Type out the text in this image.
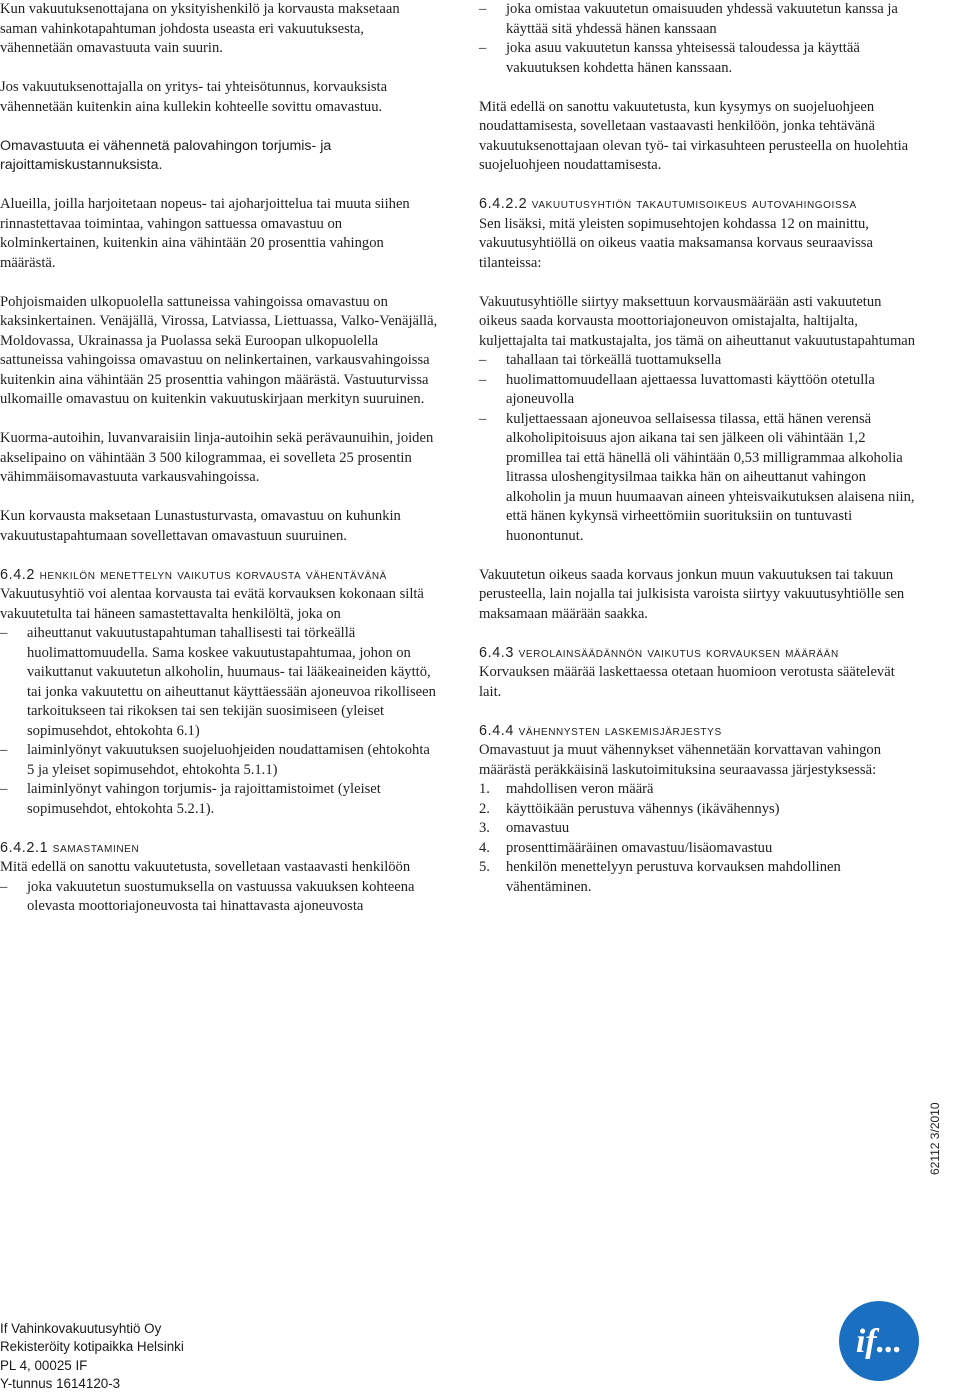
Kun vakuutuksenottajana on yksityishenkilö ja korvausta maksetaan saman vahinkotapahtuman johdosta useasta eri vakuutuksesta, vähennetään omavastuuta vain suurin.

Jos vakuutuksenottajalla on yritys- tai yhteisötunnus, korvauksista vähennetään kuitenkin aina kullekin kohteelle sovittu omavastuu.

Omavastuuta ei vähennetä palovahingon torjumis- ja rajoittamiskustannuksista.

Alueilla, joilla harjoitetaan nopeus- tai ajoharjoittelua tai muuta siihen rinnastettavaa toimintaa, vahingon sattuessa omavastuu on kolminkertainen, kuitenkin aina vähintään 20 prosenttia vahingon määrästä.

Pohjoismaiden ulkopuolella sattuneissa vahingoissa omavastuu on kaksinkertainen. Venäjällä, Virossa, Latviassa, Liettuassa, Valko-Venäjällä, Moldovassa, Ukrainassa ja Puolassa sekä Euroopan ulkopuolella sattuneissa vahingoissa omavastuu on nelinkertainen, varkausvahingoissa kuitenkin aina vähintään 25 prosenttia vahingon määrästä. Vastuuturvissa ulkomaille omavastuu on kuitenkin vakuutuskirjaan merkityn suuruinen.

Kuorma-autoihin, luvanvaraisiin linja-autoihin sekä perävaunuihin, joiden akselipaino on vähintään 3 500 kilogrammaa, ei sovelleta 25 prosentin vähimmäisomavastuuta varkausvahingoissa.

Kun korvausta maksetaan Lunastusturvasta, omavastuu on kuhunkin vakuutustapahtumaan sovellettavan omavastuun suuruinen.

6.4.2 henkilön menettelyn vaikutus korvausta vähentävänä

Vakuutusyhtiö voi alentaa korvausta tai evätä korvauksen kokonaan siltä vakuutetulta tai häneen samastettavalta henkilöltä, joka on

– aiheuttanut vakuutustapahtuman tahallisesti tai törkeällä huolimattomuudella. Sama koskee vakuutustapahtumaa, johon on vaikuttanut vakuutetun alkoholin, huumaus- tai lääkeaineiden käyttö, tai jonka vakuutettu on aiheuttanut käyttäessään ajoneuvoa rikolliseen tarkoitukseen tai rikoksen tai sen tekijän suosimiseen (yleiset sopimusehdot, ehtokohta 6.1)

– laiminlyönyt vakuutuksen suojeluohjeiden noudattamisen (ehtokohta 5 ja yleiset sopimusehdot, ehtokohta 5.1.1)

– laiminlyönyt vahingon torjumis- ja rajoittamistoimet (yleiset sopimusehdot, ehtokohta 5.2.1).

6.4.2.1 samastaminen

Mitä edellä on sanottu vakuutetusta, sovelletaan vastaavasti henkilöön

– joka vakuutetun suostumuksella on vastuussa vakuuksen kohteena olevasta moottoriajoneuvosta tai hinattavasta ajoneuvosta

– joka omistaa vakuutetun omaisuuden yhdessä vakuutetun kanssa ja käyttää sitä yhdessä hänen kanssaan

– joka asuu vakuutetun kanssa yhteisessä taloudessa ja käyttää vakuutuksen kohdetta hänen kanssaan.

Mitä edellä on sanottu vakuutetusta, kun kysymys on suojeluohjeen noudattamisesta, sovelletaan vastaavasti henkilöön, jonka tehtävänä vakuutuksenottajaan olevan työ- tai virkasuhteen perusteella on huolehtia suojeluohjeen noudattamisesta.

6.4.2.2 vakuutusyhtiön takautumisoikeus autovahingoissa

Sen lisäksi, mitä yleisten sopimusehtojen kohdassa 12 on mainittu, vakuutusyhtiöllä on oikeus vaatia maksamansa korvaus seuraavissa tilanteissa:

Vakuutusyhtiölle siirtyy maksettuun korvausmäärään asti vakuutetun oikeus saada korvausta moottoriajoneuvon omistajalta, haltijalta, kuljettajalta tai matkustajalta, jos tämä on aiheuttanut vakuutustapahtuman

– tahallaan tai törkeällä tuottamuksella

– huolimattomuudellaan ajettaessa luvattomasti käyttöön otetulla ajoneuvolla

– kuljettaessaan ajoneuvoa sellaisessa tilassa, että hänen verensä alkoholipitoisuus ajon aikana tai sen jälkeen oli vähintään 1,2 promillea tai että hänellä oli vähintään 0,53 milligrammaa alkoholia litrassa uloshengitysilmaa taikka hän on aiheuttanut vahingon alkoholin ja muun huumaavan aineen yhteisvaikutuksen alaisena niin, että hänen kykynsä virheettömiin suorituksiin on tuntuvasti huonontunut.

Vakuutetun oikeus saada korvaus jonkun muun vakuutuksen tai takuun perusteella, lain nojalla tai julkisista varoista siirtyy vakuutusyhtiölle sen maksamaan määrään saakka.

6.4.3 verolainsäädännön vaikutus korvauksen määrään

Korvauksen määrää laskettaessa otetaan huomioon verotusta säätelevät lait.

6.4.4 vähennysten laskemisjärjestys

Omavastuut ja muut vähennykset vähennetään korvattavan vahingon määrästä peräkkäisinä laskutoimituksina seuraavassa järjestyksessä:

1. mahdollisen veron määrä

2. käyttöikään perustuva vähennys (ikävähennys)

3. omavastuu

4. prosenttimääräinen omavastuu/lisäomavastuu

5. henkilön menettelyyn perustuva korvauksen mahdollinen vähentäminen.

62112 3/2010
If Vahinkovakuutusyhtiö Oy
Rekisteröity kotipaikka Helsinki
PL 4, 00025 IF
Y-tunnus 1614120-3
if...
